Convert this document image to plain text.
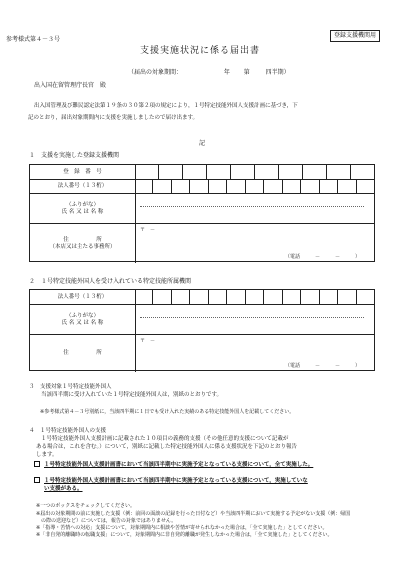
参考様式第４－３号
登録支援機関用
支援実施状況に係る届出書
（届出の対象期間：	年 第	四半期）
出入国在留管理庁長官　殿
出入国管理及び難民認定法第１９条の３０第２項の規定により，１号特定技能外国人支援計画に基づき，下
記のとおり，届出対象期間内に支援を実施しましたので届け出ます。
記
１　支援を実施した登録支援機関
登　録　番　号
法人番号（１３桁）
（ふりがな）
氏 名 又 は 名 称
住　　　　　所
（本店又は主たる事務所）
〒　－
（電話　　　－　　　－　　　）
２　１号特定技能外国人を受け入れている特定技能所属機関
法人番号（１３桁）
（ふりがな）
氏 名 又 は 名 称
住　　　　　所
〒　－
（電話　　　－　　　－　　　）
３　支援対象１号特定技能外国人
当該四半期に受け入れていた１号特定技能外国人は，別紙のとおりです。
※参考様式第４－３号別紙に，当該四半期に１日でも受け入れた実績のある特定技能外国人を記載してください。
４　１号特定技能外国人の支援
１号特定技能外国人支援計画に記載された１０項目の義務的支援（その他任意的支援について記載が
ある場合は，これを含む。）について，別紙に記載した特定技能外国人に係る支援状況を下記のとおり報告
します。
１号特定技能外国人支援計画書において当該四半期中に実施予定となっている支援について，全て実施した。
１号特定技能外国人支援計画書において当該四半期中に実施予定となっている支援について，実施していな
い支援がある。
※一つのボックスをチェックしてください。
※届出の対象期間の前に実施した支援（例：前回の面談の記録を行った日付など）や当該四半期において実施する予定がない支援（例：帰国
　の際の送迎など）については，報告の対象ではありません。
※「指導・苦情への対応」支援について，対象期間内に相談や苦情が寄せられなかった場合は，「全て実施した」としてください。
※「非自発的離職時の転職支援」について，対象期間内に非自発的離職が発生しなかった場合は，「全て実施した」としてください。
